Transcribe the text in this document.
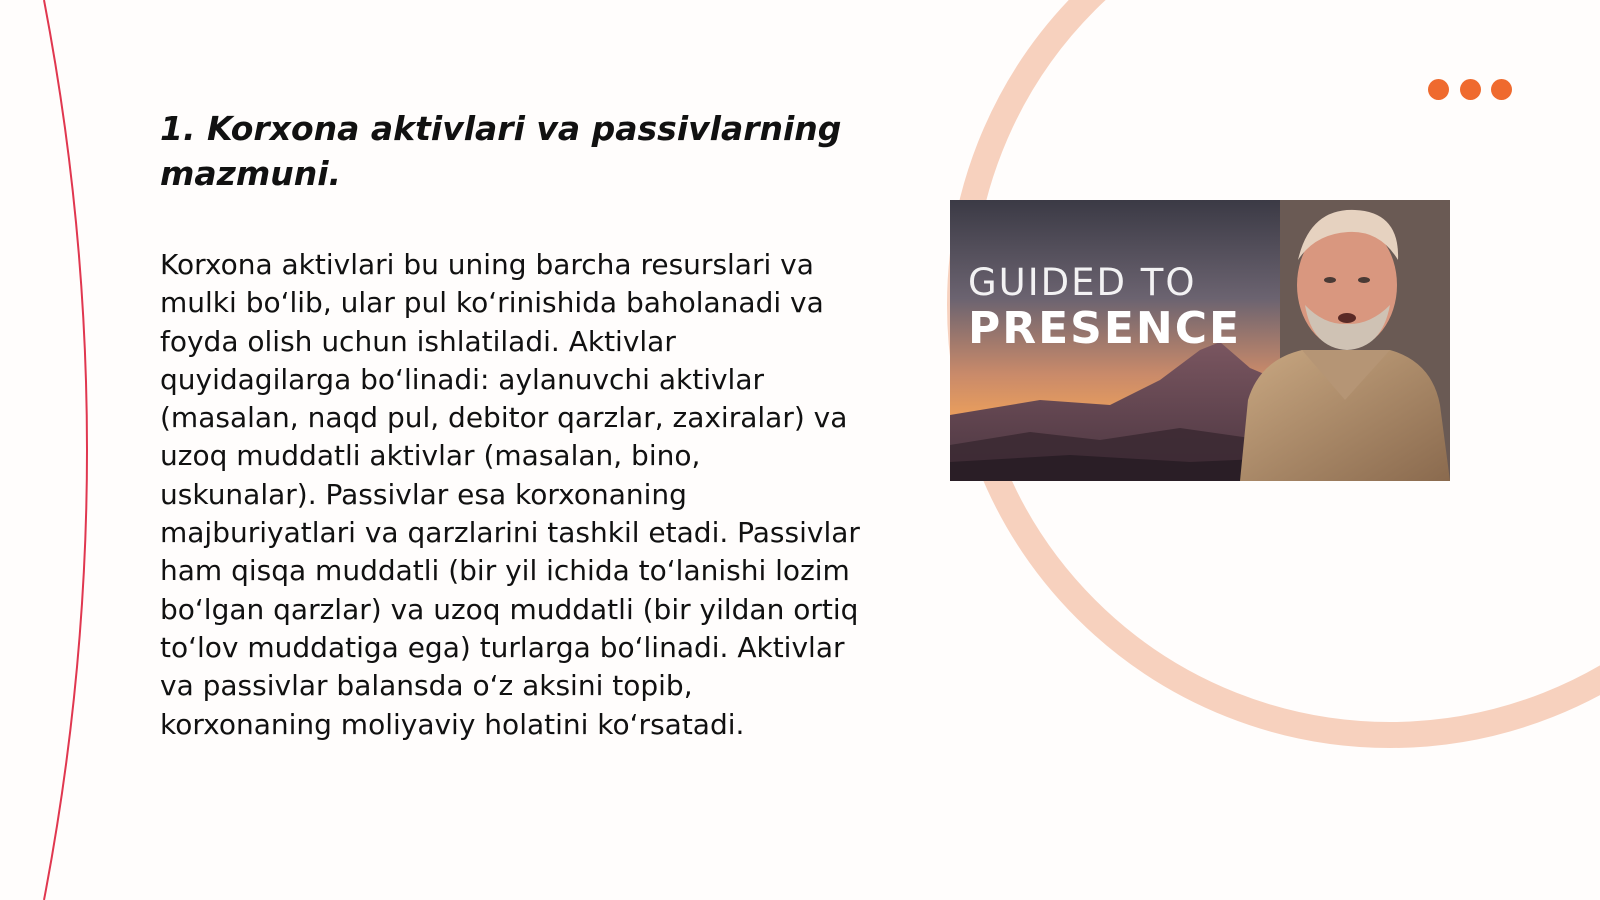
1. Korxona aktivlari va passivlarning mazmuni.

Korxona aktivlari bu uning barcha resurslari va mulki bo‘lib, ular pul ko‘rinishida baholanadi va foyda olish uchun ishlatiladi. Aktivlar quyidagilarga bo‘linadi: aylanuvchi aktivlar (masalan, naqd pul, debitor qarzlar, zaxiralar) va uzoq muddatli aktivlar (masalan, bino, uskunalar). Passivlar esa korxonaning majburiyatlari va qarzlarini tashkil etadi. Passivlar ham qisqa muddatli (bir yil ichida to‘lanishi lozim bo‘lgan qarzlar) va uzoq muddatli (bir yildan ortiq to‘lov muddatiga ega) turlarga bo‘linadi. Aktivlar va passivlar balansda o‘z aksini topib, korxonaning moliyaviy holatini ko‘rsatadi.

GUIDED TO
PRESENCE
